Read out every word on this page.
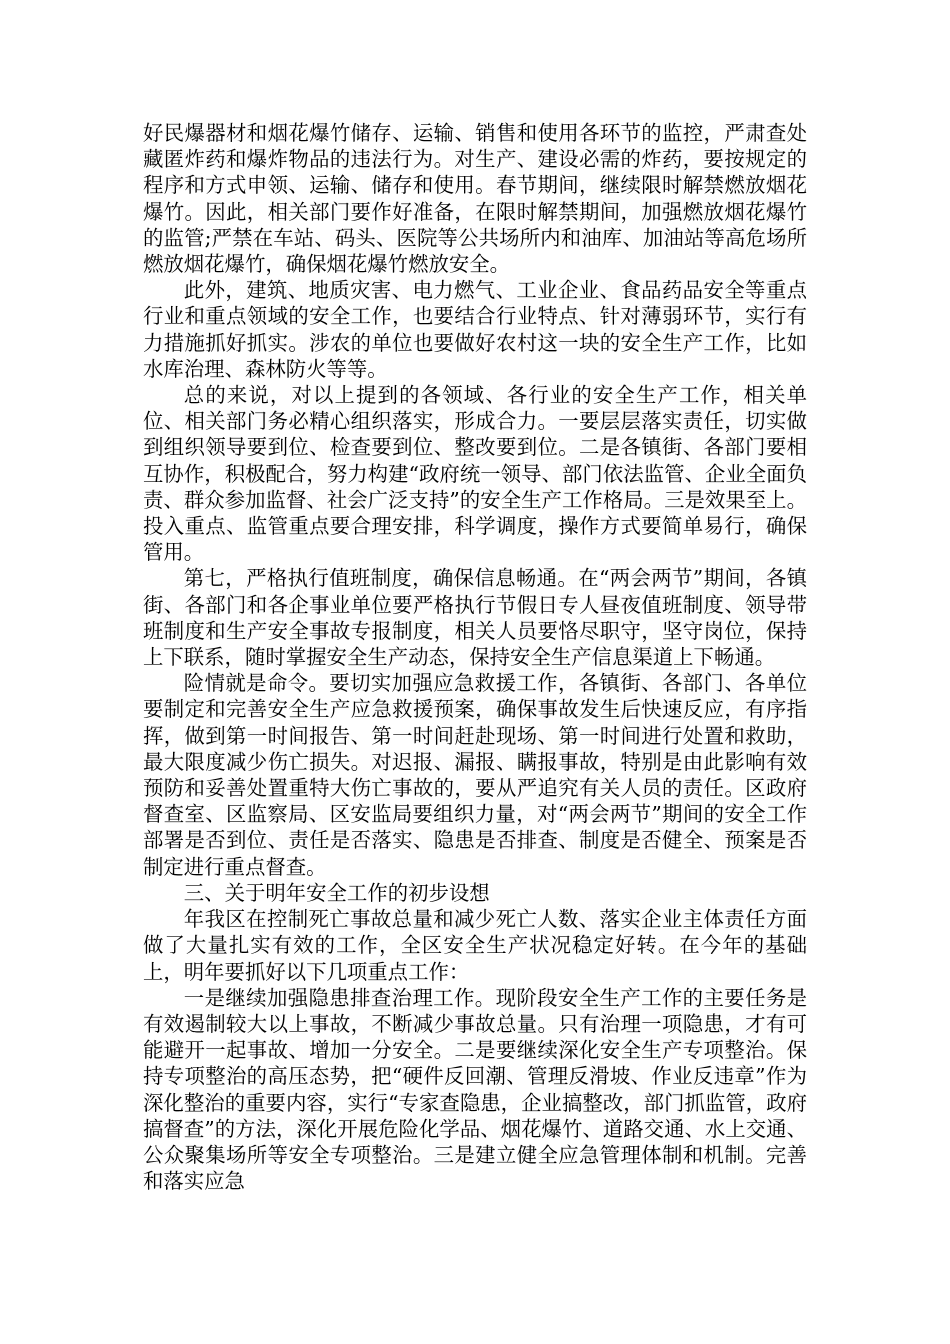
好民爆器材和烟花爆竹储存、运输、销售和使用各环节的监控，严肃查处藏匿炸药和爆炸物品的违法行为。对生产、建设必需的炸药，要按规定的程序和方式申领、运输、储存和使用。春节期间，继续限时解禁燃放烟花爆竹。因此，相关部门要作好准备，在限时解禁期间，加强燃放烟花爆竹的监管;严禁在车站、码头、医院等公共场所内和油库、加油站等高危场所燃放烟花爆竹，确保烟花爆竹燃放安全。

此外，建筑、地质灾害、电力燃气、工业企业、食品药品安全等重点行业和重点领域的安全工作，也要结合行业特点、针对薄弱环节，实行有力措施抓好抓实。涉农的单位也要做好农村这一块的安全生产工作，比如水库治理、森林防火等等。

总的来说，对以上提到的各领域、各行业的安全生产工作，相关单位、相关部门务必精心组织落实，形成合力。一要层层落实责任，切实做到组织领导要到位、检查要到位、整改要到位。二是各镇街、各部门要相互协作，积极配合，努力构建“政府统一领导、部门依法监管、企业全面负责、群众参加监督、社会广泛支持”的安全生产工作格局。三是效果至上。投入重点、监管重点要合理安排，科学调度，操作方式要简单易行，确保管用。

第七，严格执行值班制度，确保信息畅通。在“两会两节”期间，各镇街、各部门和各企事业单位要严格执行节假日专人昼夜值班制度、领导带班制度和生产安全事故专报制度，相关人员要恪尽职守，坚守岗位，保持上下联系，随时掌握安全生产动态，保持安全生产信息渠道上下畅通。

险情就是命令。要切实加强应急救援工作，各镇街、各部门、各单位要制定和完善安全生产应急救援预案，确保事故发生后快速反应，有序指挥，做到第一时间报告、第一时间赶赴现场、第一时间进行处置和救助，最大限度减少伤亡损失。对迟报、漏报、瞒报事故，特别是由此影响有效预防和妥善处置重特大伤亡事故的，要从严追究有关人员的责任。区政府督查室、区监察局、区安监局要组织力量，对“两会两节”期间的安全工作部署是否到位、责任是否落实、隐患是否排查、制度是否健全、预案是否制定进行重点督查。

三、关于明年安全工作的初步设想

年我区在控制死亡事故总量和减少死亡人数、落实企业主体责任方面做了大量扎实有效的工作，全区安全生产状况稳定好转。在今年的基础上，明年要抓好以下几项重点工作：

一是继续加强隐患排查治理工作。现阶段安全生产工作的主要任务是有效遏制较大以上事故，不断减少事故总量。只有治理一项隐患，才有可能避开一起事故、增加一分安全。二是要继续深化安全生产专项整治。保持专项整治的高压态势，把“硬件反回潮、管理反滑坡、作业反违章”作为深化整治的重要内容，实行“专家查隐患，企业搞整改，部门抓监管，政府搞督查”的方法，深化开展危险化学品、烟花爆竹、道路交通、水上交通、公众聚集场所等安全专项整治。三是建立健全应急管理体制和机制。完善和落实应急
